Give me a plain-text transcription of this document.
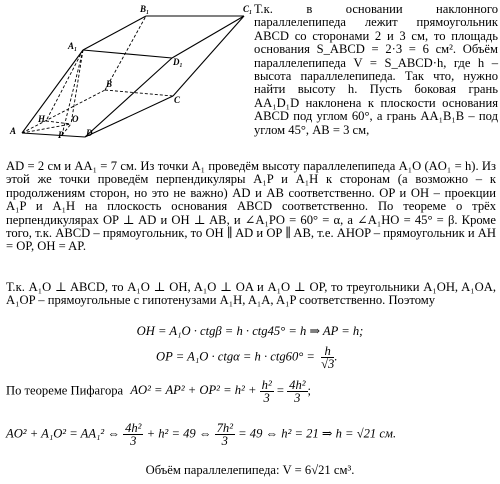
B₁	C₁
A₁
D₁
B
C
H	O
A	P	D

Т.к. в основании наклонного параллелепипеда лежит прямоугольник ABCD со сторонами 2 и 3 см, то площадь основания S_ABCD = 2·3 = 6 см². Объём параллелепипеда V = S_ABCD·h, где h – высота параллелепипеда. Так что, нужно найти высоту h. Пусть боковая грань AA₁D₁D наклонена к плоскости основания ABCD под углом 60°, а грань AA₁B₁B – под углом 45°, AB = 3 см,

AD = 2 см и AA₁ = 7 см. Из точки A₁ проведём высоту параллелепипеда A₁O (AO₁ = h). Из этой же точки проведём перпендикуляры A₁P и A₁H к сторонам (а возможно – к продолжениям сторон, но это не важно) AD и AB соответственно. OP и OH – проекции A₁P и A₁H на плоскость основания ABCD соответственно. По теореме о трёх перпендикулярах OP ⊥ AD и OH ⊥ AB, и ∠A₁PO = 60° = α, а ∠A₁HO = 45° = β. Кроме того, т.к. ABCD – прямоугольник, то OH ∥ AD и OP ∥ AB, т.е. AHOP – прямоугольник и AH = OP, OH = AP.

Т.к. A₁O ⊥ ABCD, то A₁O ⊥ OH, A₁O ⊥ OA и A₁O ⊥ OP, то треугольники A₁OH, A₁OA, A₁OP – прямоугольные с гипотенузами A₁H, A₁A, A₁P соответственно. Поэтому

OH = A₁O · ctgβ = h · ctg45° = h ⇒ AP = h;
OP = $A_1O \cdot ctg\alpha = h \cdot ctg60^\circ = \frac{h}{√3}$ .
По теореме Пифагора $AO^2 = AP^2 + OP^2 = h^2 + \frac{\text{h²}}{3} = \frac{\text{4h²}}{3}$ ;
AO² + A₁O² = AA₁² ⇔ $\frac{\text{4h²}}{3} + h^2 = 49$ ⇔ $\frac{\text{7h²}}{3} = 49$ ⇔ h² = 21 ⇒ h = √21 см.
Объём параллелепипеда: V = 6√21 см³.
